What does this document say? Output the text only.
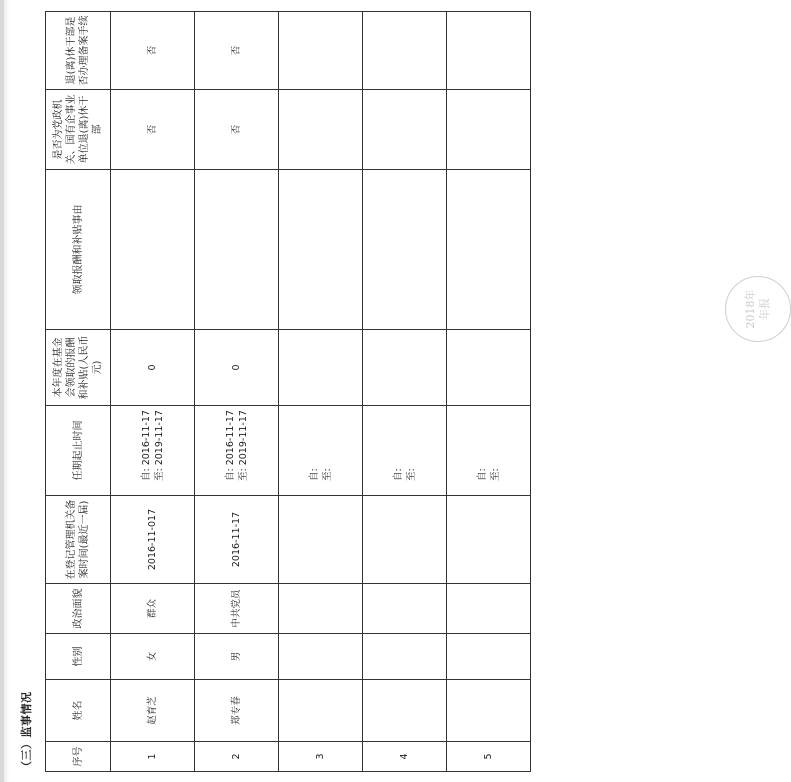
（三）监事情况	序号	姓名	性别	政治面貌	在登记管理机关备案时间(最近一届)	任期起止时间	本年度在基金会领取的报酬和补贴(人民币元)	领取报酬和补贴事由	是否为党政机关、国有企事业单位退(离)休干部	退(离)休干部是否办理备案手续
1	赵育芝	女	群众	2016-11-017	自: 2016-11-17 至: 2019-11-17	0		否	否
2	郑专春	男	中共党员	2016-11-17	自: 2016-11-17 至: 2019-11-17	0		否	否
3					自: 至:				

4					自: 至:				

5					自: 至:				

2018年 年报
